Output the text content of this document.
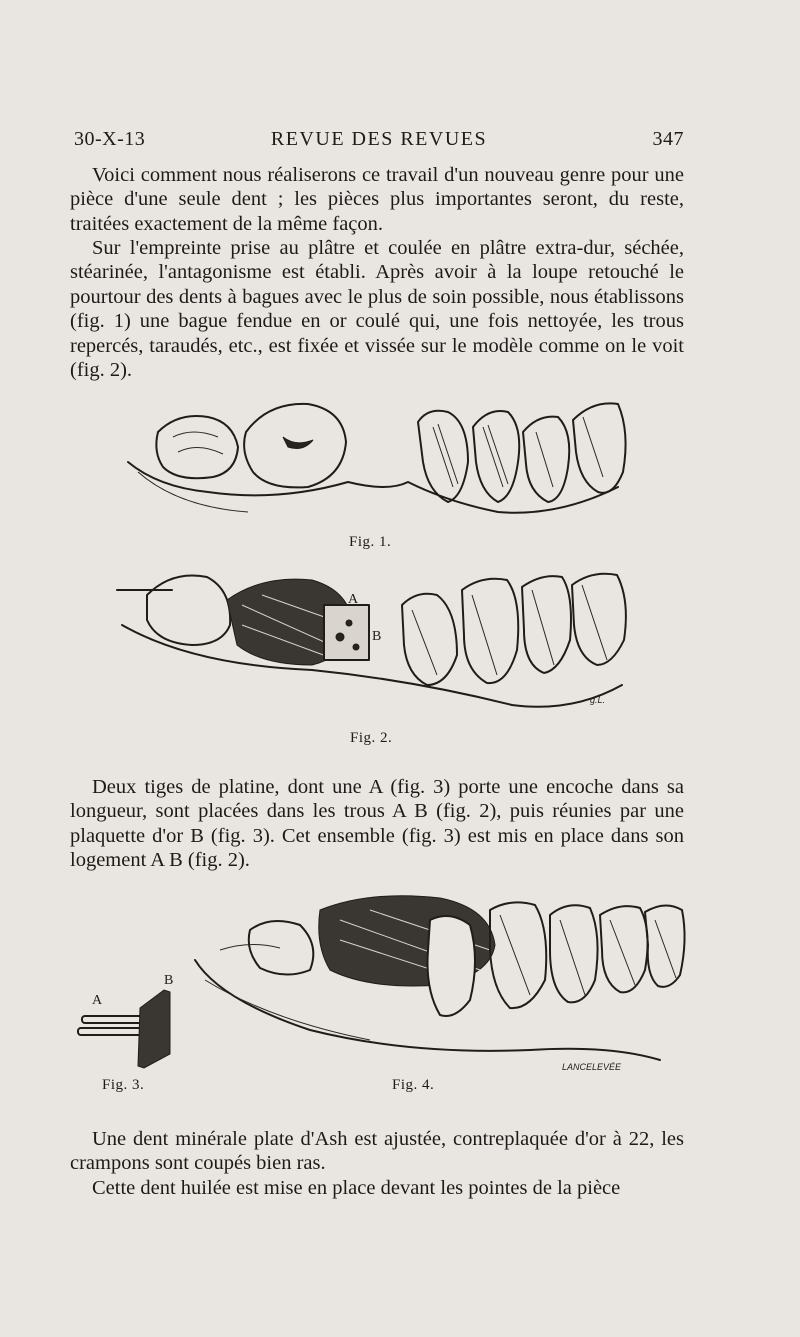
30-X-13	REVUE DES REVUES	347

Voici comment nous réaliserons ce travail d'un nouveau genre pour une pièce d'une seule dent ; les pièces plus importantes seront, du reste, traitées exactement de la même façon.

Sur l'empreinte prise au plâtre et coulée en plâtre extra-dur, séchée, stéarinée, l'antagonisme est établi. Après avoir à la loupe retouché le pourtour des dents à bagues avec le plus de soin possible, nous établissons (fig. 1) une bague fendue en or coulé qui, une fois nettoyée, les trous repercés, taraudés, etc., est fixée et vissée sur le modèle comme on le voit (fig. 2).

Fig. 1.
A
B
g.L.
Fig. 2.

Deux tiges de platine, dont une A (fig. 3) porte une encoche dans sa longueur, sont placées dans les trous A B (fig. 2), puis réunies par une plaquette d'or B (fig. 3). Cet ensemble (fig. 3) est mis en place dans son logement A B (fig. 2).

A
B
Fig. 3.
LANCELEVÉE
Fig. 4.

Une dent minérale plate d'Ash est ajustée, contreplaquée d'or à 22, les crampons sont coupés bien ras.

Cette dent huilée est mise en place devant les pointes de la pièce
